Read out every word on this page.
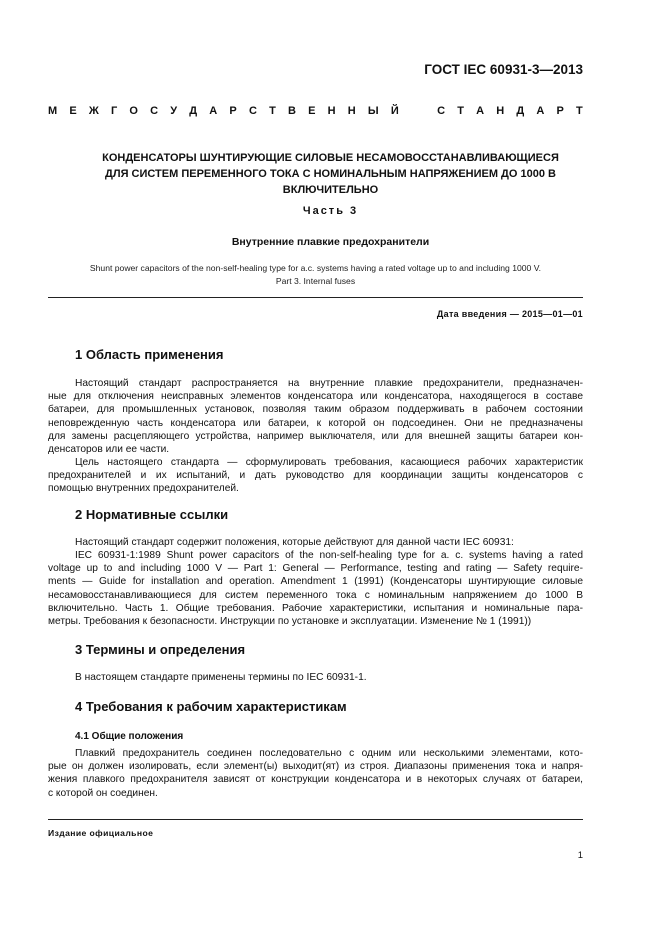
ГОСТ IEC 60931-3—2013
М Е Ж Г О С У Д А Р С Т В Е Н Н Ы Й	С Т А Н Д А Р Т
КОНДЕНСАТОРЫ ШУНТИРУЮЩИЕ СИЛОВЫЕ НЕСАМОВОССТАНАВЛИВАЮЩИЕСЯ
ДЛЯ СИСТЕМ ПЕРЕМЕННОГО ТОКА С НОМИНАЛЬНЫМ НАПРЯЖЕНИЕМ ДО 1000 В
ВКЛЮЧИТЕЛЬНО
Часть 3
Внутренние плавкие предохранители
Shunt power capacitors of the non-self-healing type for a.c. systems having a rated voltage up to and including 1000 V.
Part 3. Internal fuses
Дата введения — 2015—01—01
1 Область применения
Настоящий стандарт распространяется на внутренние плавкие предохранители, предназначен-
ные для отключения неисправных элементов конденсатора или конденсатора, находящегося в составе
батареи, для промышленных установок, позволяя таким образом поддерживать в рабочем состоянии
неповрежденную часть конденсатора или батареи, к которой он подсоединен. Они не предназначены
для замены расцепляющего устройства, например выключателя, или для внешней защиты батареи кон-
денсаторов или ее части.
Цель настоящего стандарта — сформулировать требования, касающиеся рабочих характеристик
предохранителей и их испытаний, и дать руководство для координации защиты конденсаторов с
помощью внутренних предохранителей.
2 Нормативные ссылки
Настоящий стандарт содержит положения, которые действуют для данной части IEC 60931:
IEC 60931-1:1989 Shunt power capacitors of the non-self-healing type for a. c. systems having a rated
voltage up to and including 1000 V — Part 1: General — Performance, testing and rating — Safety require-
ments — Guide for installation and operation. Amendment 1 (1991) (Конденсаторы шунтирующие силовые
несамовосстанавливающиеся для систем переменного тока с номинальным напряжением до 1000 В
включительно. Часть 1. Общие требования. Рабочие характеристики, испытания и номинальные пара-
метры. Требования к безопасности. Инструкции по установке и эксплуатации. Изменение № 1 (1991))
3 Термины и определения
В настоящем стандарте применены термины по IEC 60931-1.
4 Требования к рабочим характеристикам
4.1 Общие положения
Плавкий предохранитель соединен последовательно с одним или несколькими элементами, кото-
рые он должен изолировать, если элемент(ы) выходит(ят) из строя. Диапазоны применения тока и напря-
жения плавкого предохранителя зависят от конструкции конденсатора и в некоторых случаях от батареи,
с которой он соединен.
Издание официальное
1
